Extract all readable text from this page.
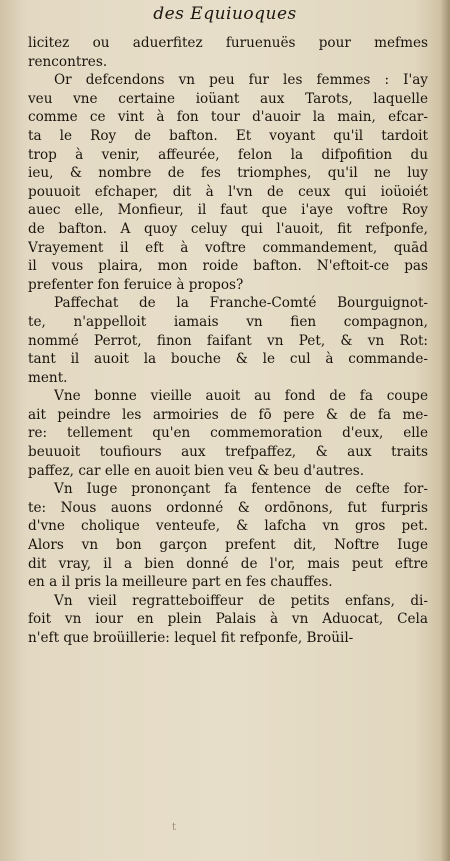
des Equiuoques
licitez ou aduerfitez furuenuës pour mefmes
rencontres.
Or defcendons vn peu fur les femmes : I'ay
veu vne certaine ioüant aux Tarots, laquelle
comme ce vint à fon tour d'auoir la main, efcar-
ta le Roy de bafton. Et voyant qu'il tardoit
trop à venir, affeurée, felon la difpofition du
ieu, & nombre de fes triomphes, qu'il ne luy
pouuoit efchaper, dit à l'vn de ceux qui ioüoiét
auec elle, Monfieur, il faut que i'aye voftre Roy
de bafton. A quoy celuy qui l'auoit, fit refponfe,
Vrayement il eft à voftre commandement, quād
il vous plaira, mon roide bafton. N'eftoit-ce pas
prefenter fon feruice à propos?
Paffechat de la Franche-Comté Bourguignot-
te, n'appelloit iamais vn fien compagnon,
nommé Perrot, finon faifant vn Pet, & vn Rot:
tant il auoit la bouche & le cul à commande-
ment.
Vne bonne vieille auoit au fond de fa coupe
ait peindre les armoiries de fō pere & de fa me-
re: tellement qu'en commemoration d'eux, elle
beuuoit toufiours aux trefpaffez, & aux traits
paffez, car elle en auoit bien veu & beu d'autres.
Vn Iuge prononçant fa fentence de cefte for-
te: Nous auons ordonné & ordōnons, fut furpris
d'vne cholique venteufe, & lafcha vn gros pet.
Alors vn bon garçon prefent dit, Noftre Iuge
dit vray, il a bien donné de l'or, mais peut eftre
en a il pris la meilleure part en fes chauffes.
Vn vieil regratteboiffeur de petits enfans, di-
foit vn iour en plein Palais à vn Aduocat, Cela
n'eft que broüillerie: lequel fit refponfe, Broüil-
t
